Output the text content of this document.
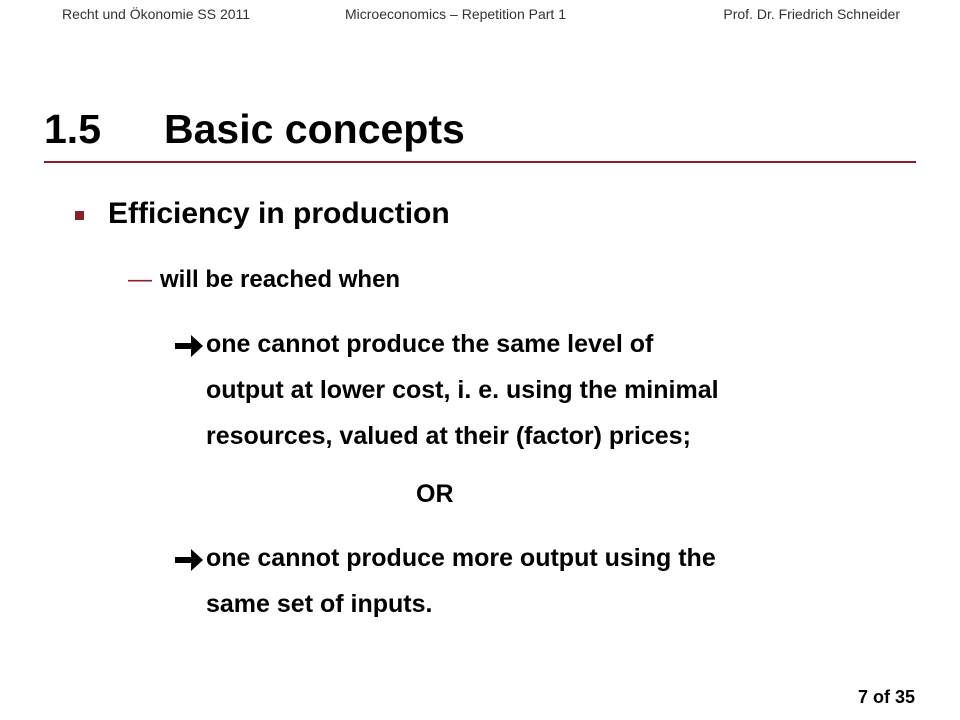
Recht und Ökonomie SS 2011	Microeconomics – Repetition Part 1	Prof. Dr. Friedrich Schneider
1.5	Basic concepts
Efficiency in production
— will be reached when
one cannot produce the same level of
output at lower cost, i. e. using the minimal
resources, valued at their (factor) prices;
OR
one cannot produce more output using the
same set of inputs.
7 of 35
